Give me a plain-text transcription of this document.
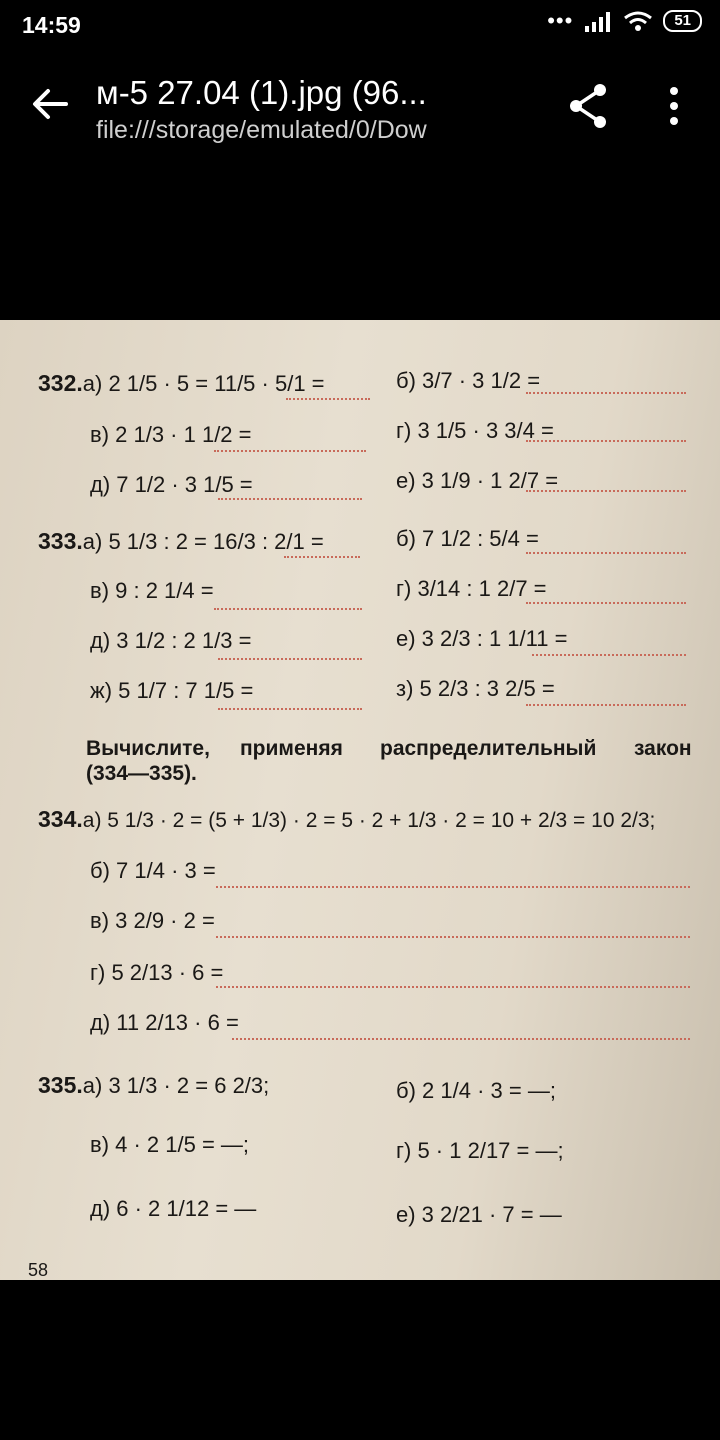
14:59	•••	51
м-5 27.04 (1).jpg (96...
file:///storage/emulated/0/Dow
332.а) 2 1/5 · 5 = 11/5 · 5/1 =	б) 3/7 · 3 1/2 =
в) 2 1/3 · 1 1/2 =	г) 3 1/5 · 3 3/4 =
д) 7 1/2 · 3 1/5 =	е) 3 1/9 · 1 2/7 =
333.а) 5 1/3 : 2 = 16/3 : 2/1 =	б) 7 1/2 : 5/4 =
в) 9 : 2 1/4 =	г) 3/14 : 1 2/7 =
д) 3 1/2 : 2 1/3 =	е) 3 2/3 : 1 1/11 =
ж) 5 1/7 : 7 1/5 =	з) 5 2/3 : 3 2/5 =
Вычислите, применяя распределительный закон
(334—335).
334.а) 5 1/3 · 2 = (5 + 1/3) · 2 = 5 · 2 + 1/3 · 2 = 10 + 2/3 = 10 2/3;
б) 7 1/4 · 3 =
в) 3 2/9 · 2 =
г) 5 2/13 · 6 =
д) 11 2/13 · 6 =
335.а) 3 1/3 · 2 = 6 2/3;	б) 2 1/4 · 3 = —;
в) 4 · 2 1/5 = —;	г) 5 · 1 2/17 = —;
д) 6 · 2 1/12 = —	е) 3 2/21 · 7 = —
58
